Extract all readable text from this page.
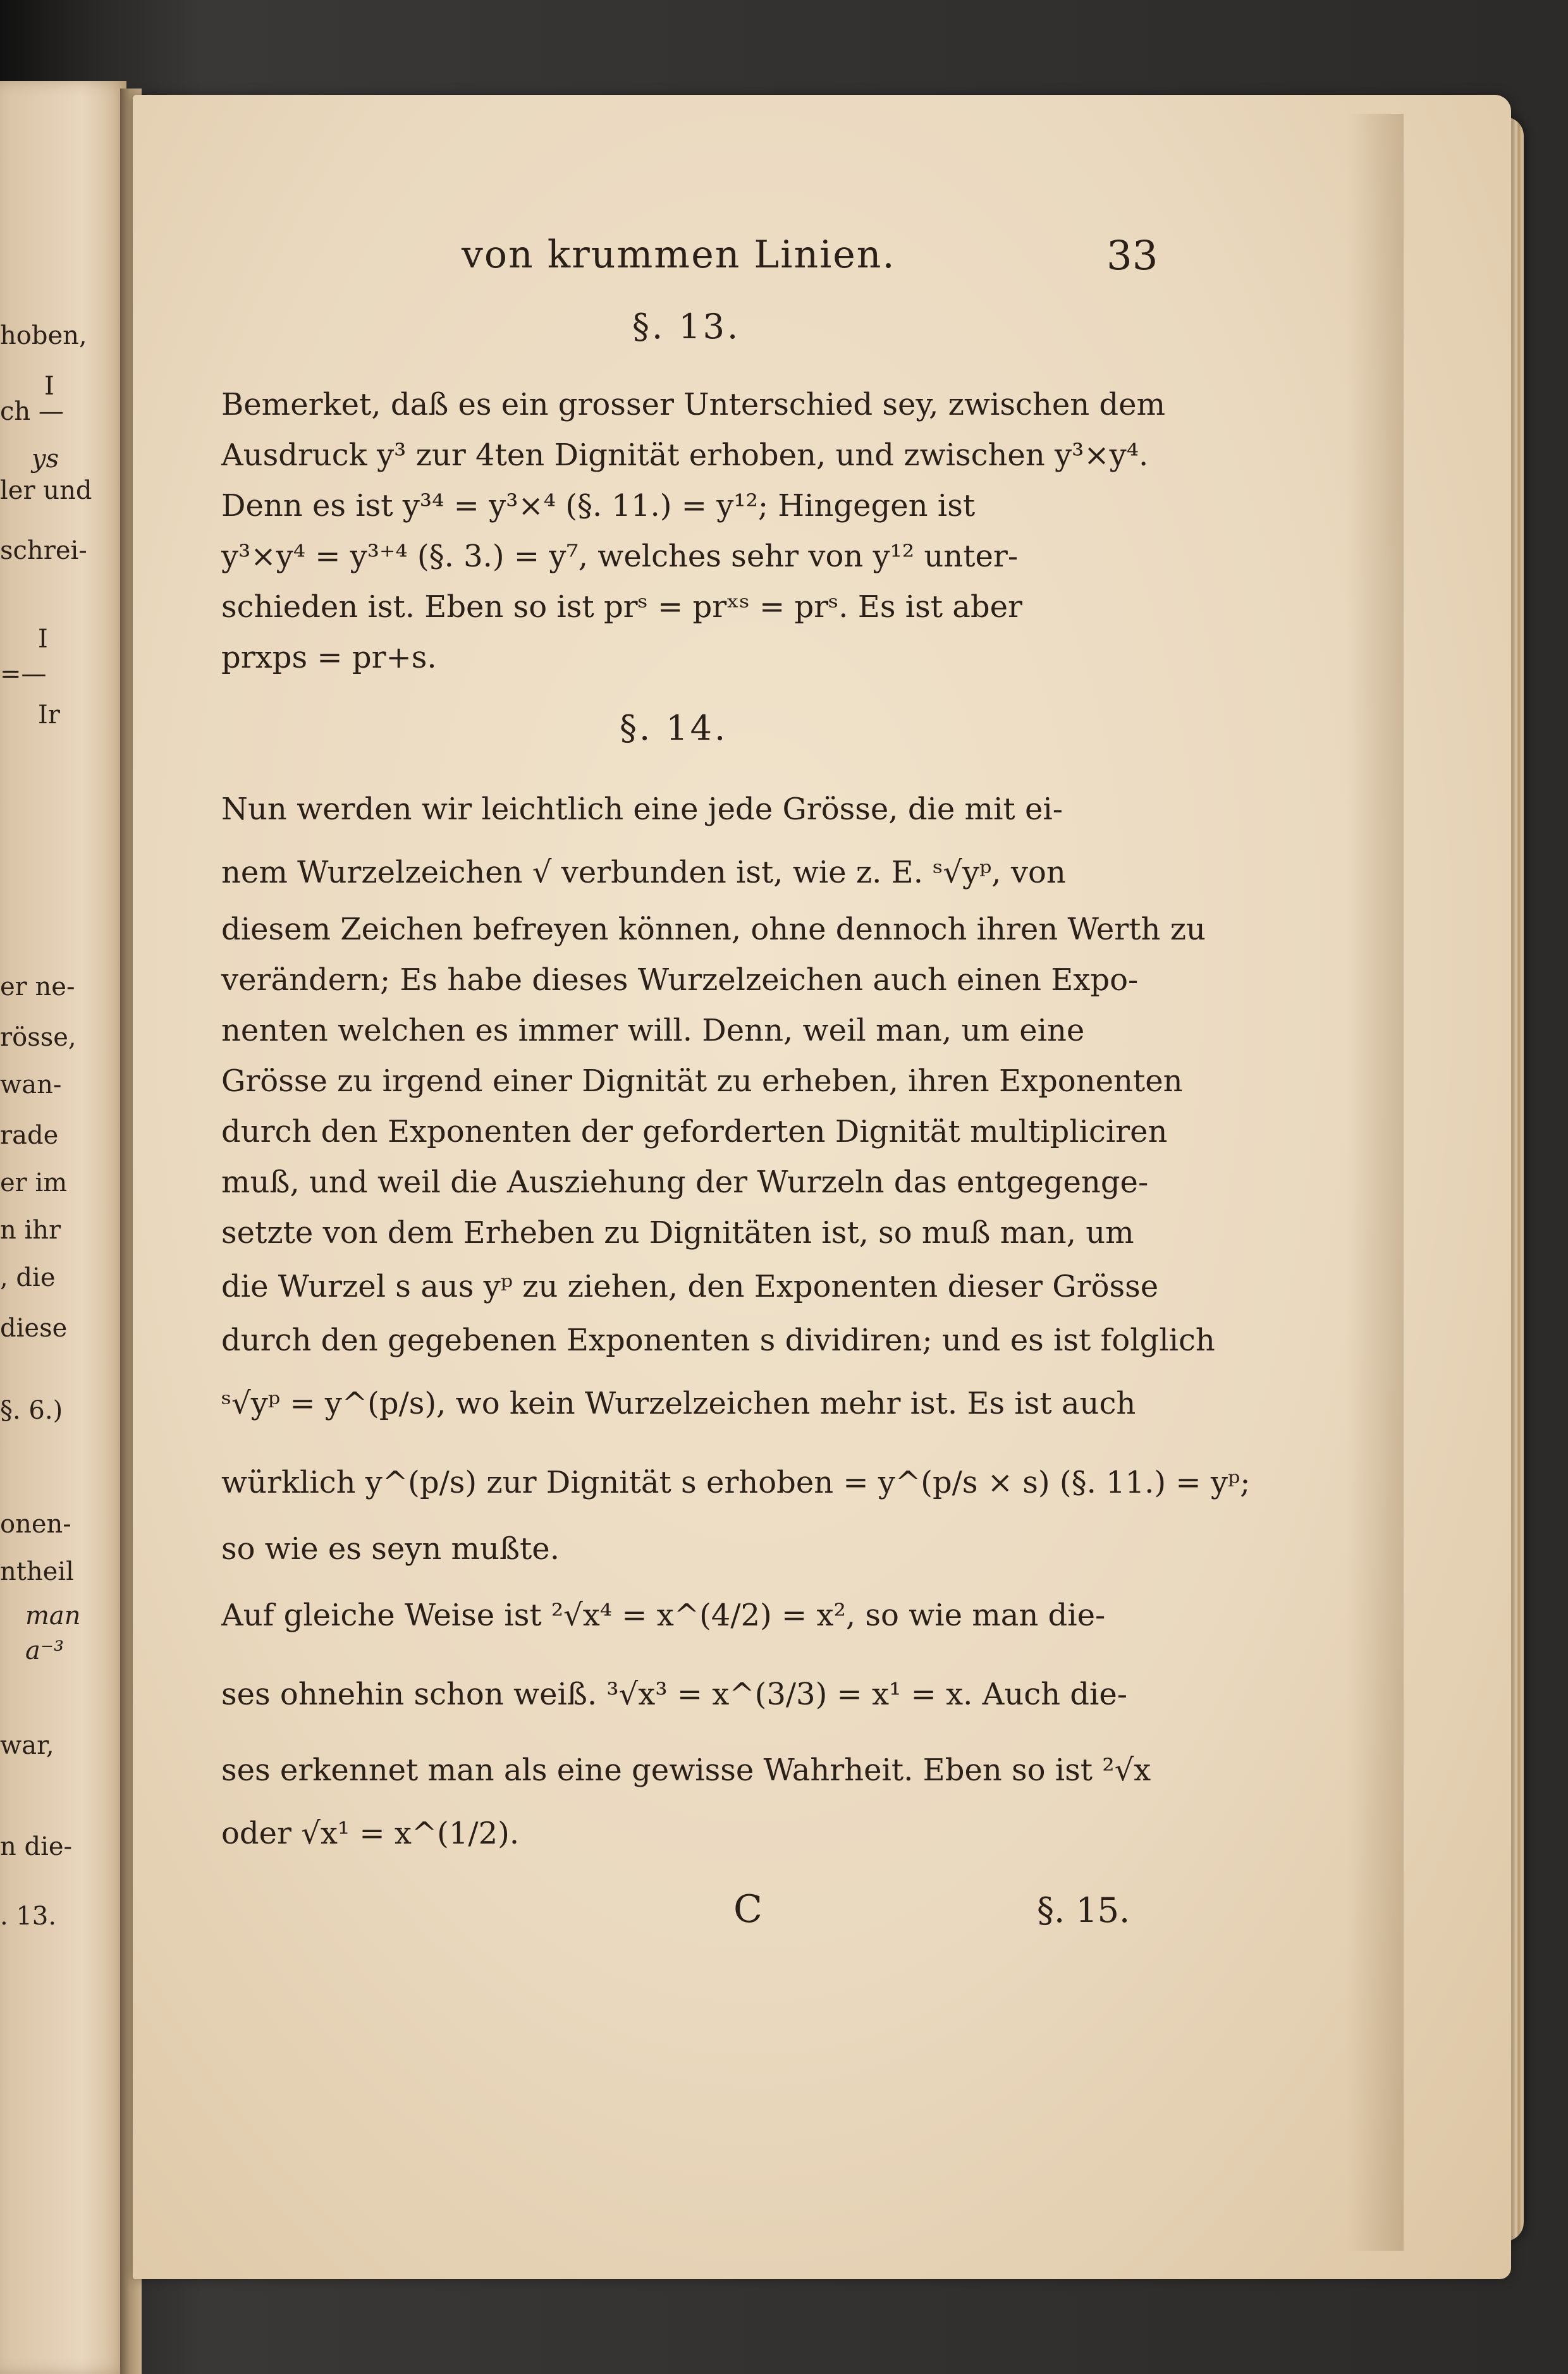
hoben,
I
ch —
ys
ler und
schrei-
I
=—
Ir
er ne-
rösse,
wan-
rade
er im
n ihr
, die
diese
§. 6.)
onen-
ntheil
man
a⁻³
war,
n die-
. 13.
von krummen Linien.	33
§. 13.
Bemerket, daß es ein grosser Unterschied sey, zwischen dem
Ausdruck y³ zur 4ten Dignität erhoben, und zwischen y³×y⁴.
Denn es ist y³⁴ = y³×⁴ (§. 11.) = y¹²; Hingegen ist
y³×y⁴ = y³⁺⁴ (§. 3.) = y⁷, welches sehr von y¹² unter-
schieden ist. Eben so ist prˢ = prˣˢ = prˢ. Es ist aber
prxps = pr+s.
§. 14.
Nun werden wir leichtlich eine jede Grösse, die mit ei-
nem Wurzelzeichen √ verbunden ist, wie z. E. ˢ√yᵖ, von
diesem Zeichen befreyen können, ohne dennoch ihren Werth zu
verändern; Es habe dieses Wurzelzeichen auch einen Expo-
nenten welchen es immer will. Denn, weil man, um eine
Grösse zu irgend einer Dignität zu erheben, ihren Exponenten
durch den Exponenten der geforderten Dignität multipliciren
muß, und weil die Ausziehung der Wurzeln das entgegenge-
setzte von dem Erheben zu Dignitäten ist, so muß man, um
die Wurzel s aus yᵖ zu ziehen, den Exponenten dieser Grösse
durch den gegebenen Exponenten s dividiren; und es ist folglich
ˢ√yᵖ = y^(p/s), wo kein Wurzelzeichen mehr ist. Es ist auch
würklich y^(p/s) zur Dignität s erhoben = y^(p/s × s) (§. 11.) = yᵖ;
so wie es seyn mußte.
Auf gleiche Weise ist ²√x⁴ = x^(4/2) = x², so wie man die-
ses ohnehin schon weiß. ³√x³ = x^(3/3) = x¹ = x. Auch die-
ses erkennet man als eine gewisse Wahrheit. Eben so ist ²√x
oder √x¹ = x^(1/2).
C	§. 15.
